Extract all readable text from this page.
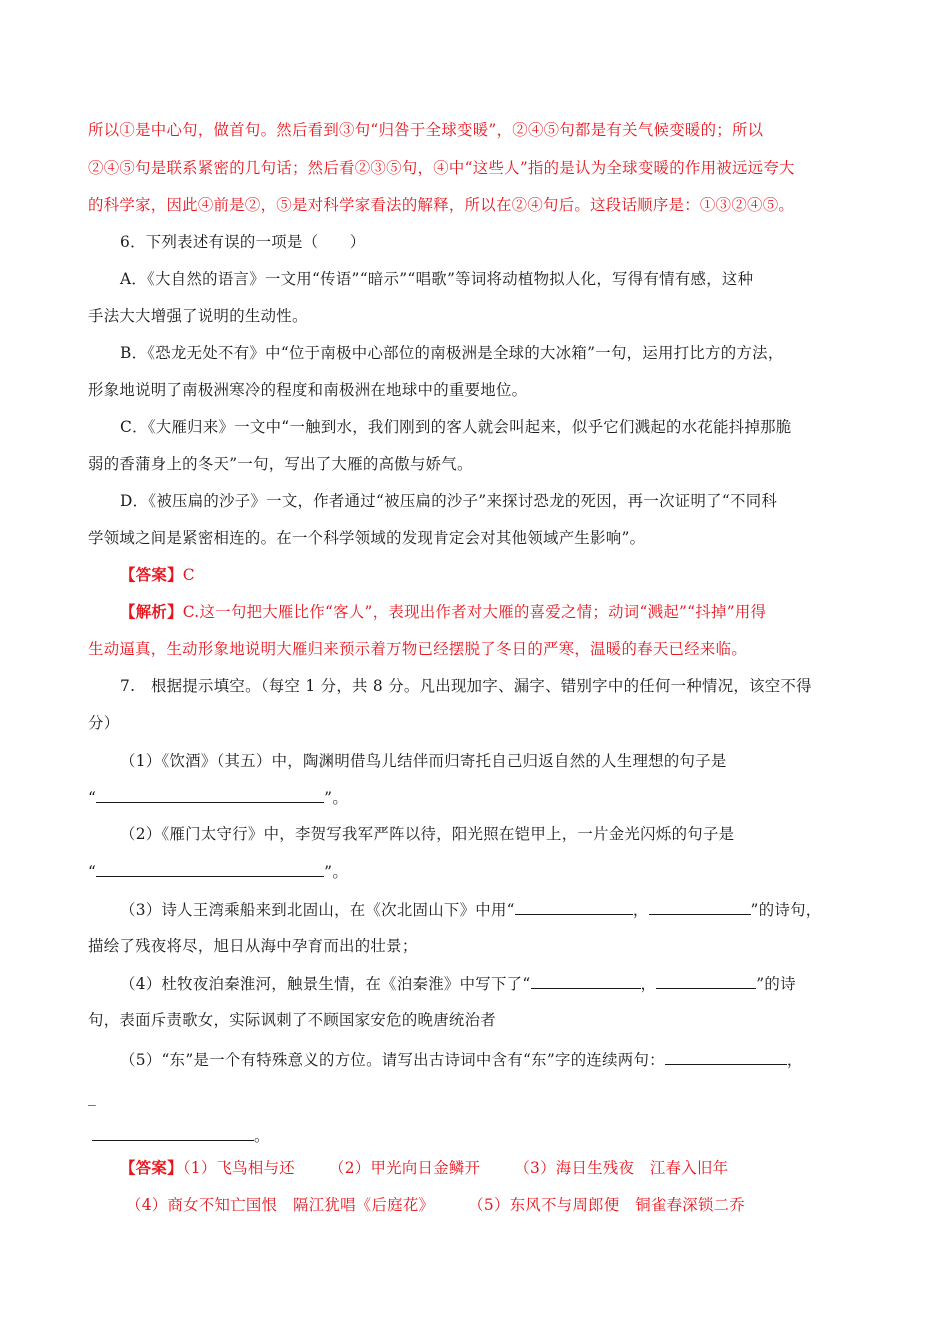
所以①是中心句，做首句。然后看到③句“归咎于全球变暖”，②④⑤句都是有关气候变暖的；所以
②④⑤句是联系紧密的几句话；然后看②③⑤句，④中“这些人”指的是认为全球变暖的作用被远远夸大
的科学家，因此④前是②，⑤是对科学家看法的解释，所以在②④句后。这段话顺序是：①③②④⑤。
6．下列表述有误的一项是（　　）
A．《大自然的语言》一文用“传语”“暗示”“唱歌”等词将动植物拟人化，写得有情有感，这种
手法大大增强了说明的生动性。
B．《恐龙无处不有》中“位于南极中心部位的南极洲是全球的大冰箱”一句，运用打比方的方法，
形象地说明了南极洲寒冷的程度和南极洲在地球中的重要地位。
C．《大雁归来》一文中“一触到水，我们刚到的客人就会叫起来，似乎它们溅起的水花能抖掉那脆
弱的香蒲身上的冬天”一句，写出了大雁的高傲与娇气。
D．《被压扁的沙子》一文，作者通过“被压扁的沙子”来探讨恐龙的死因，再一次证明了“不同科
学领域之间是紧密相连的。在一个科学领域的发现肯定会对其他领域产生影响”。
【答案】C
【解析】C.这一句把大雁比作“客人”，表现出作者对大雁的喜爱之情；动词“溅起”“抖掉”用得
生动逼真，生动形象地说明大雁归来预示着万物已经摆脱了冬日的严寒，温暖的春天已经来临。
7.　根据提示填空。（每空 1 分，共 8 分。凡出现加字、漏字、错别字中的任何一种情况，该空不得
分）
（1）《饮酒》（其五）中，陶渊明借鸟儿结伴而归寄托自己归返自然的人生理想的句子是
“	”。
（2）《雁门太守行》中，李贺写我军严阵以待，阳光照在铠甲上，一片金光闪烁的句子是
“	”。
（3）诗人王湾乘船来到北固山，在《次北固山下》中用“	，	”的诗句，
描绘了残夜将尽，旭日从海中孕育而出的壮景；
（4）杜牧夜泊秦淮河，触景生情，在《泊秦淮》中写下了“	，	”的诗
句，表面斥责歌女，实际讽刺了不顾国家安危的晚唐统治者
（5）“东”是一个有特殊意义的方位。请写出古诗词中含有“东”字的连续两句：	，
_
。
【答案】（1）飞鸟相与还 （2）甲光向日金鳞开 （3）海日生残夜　江春入旧年
（4）商女不知亡国恨　隔江犹唱《后庭花》 （5）东风不与周郎便　铜雀春深锁二乔
